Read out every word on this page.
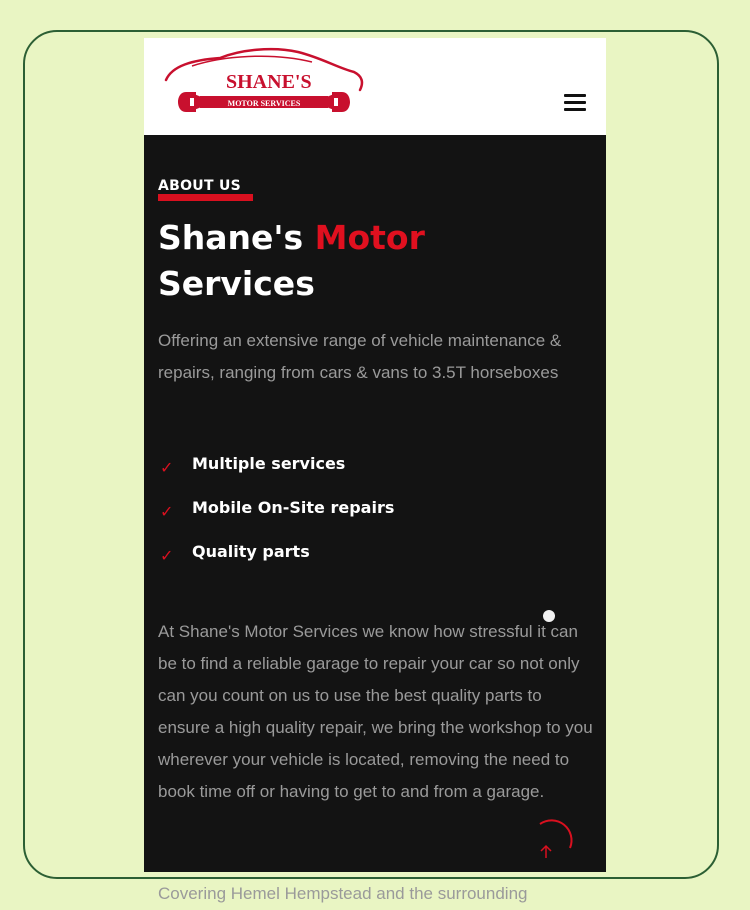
SHANE'S
MOTOR SERVICES
ABOUT US
Shane's Motor
Services
Offering an extensive range of vehicle maintenance & repairs, ranging from cars & vans to 3.5T horseboxes
✓ Multiple services
✓ Mobile On-Site repairs
✓ Quality parts
At Shane's Motor Services we know how stressful it can be to find a reliable garage to repair your car so not only can you count on us to use the best quality parts to ensure a high quality repair, we bring the workshop to you wherever your vehicle is located, removing the need to book time off or having to get to and from a garage.
Covering Hemel Hempstead and the surrounding
